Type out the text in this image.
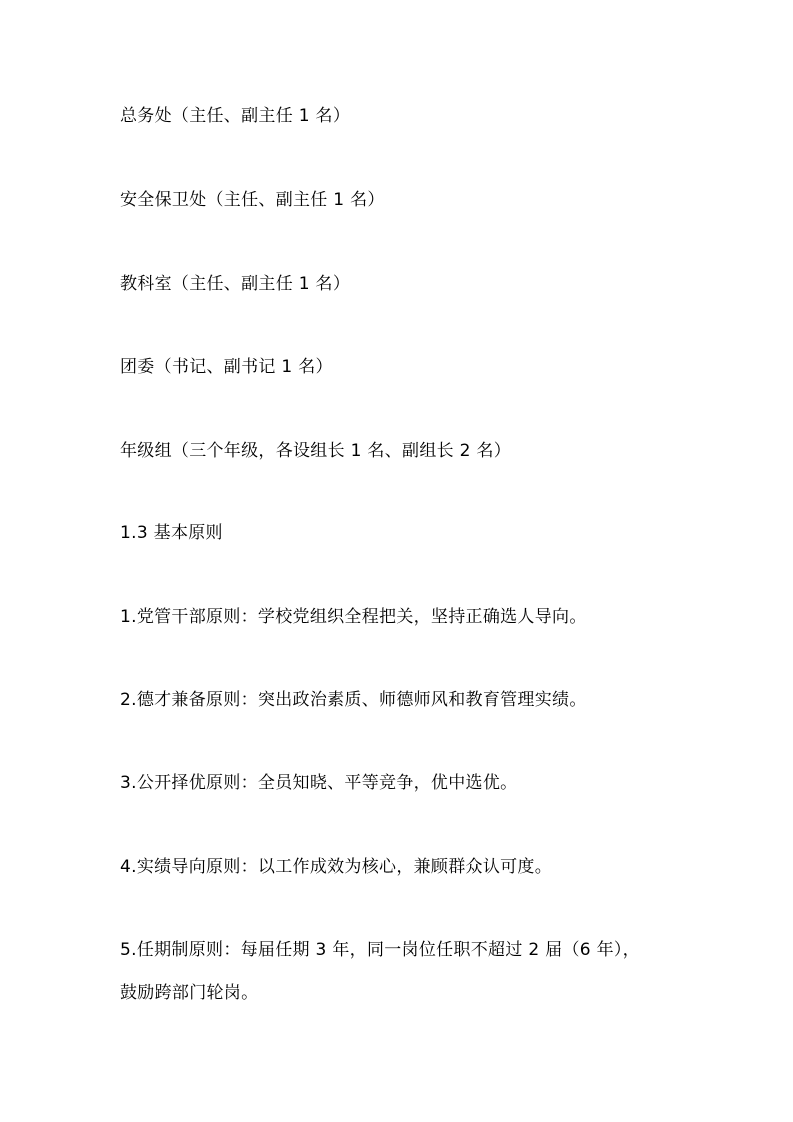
总务处（主任、副主任 1 名）
安全保卫处（主任、副主任 1 名）
教科室（主任、副主任 1 名）
团委（书记、副书记 1 名）
年级组（三个年级，各设组长 1 名、副组长 2 名）
1.3 基本原则
1.党管干部原则：学校党组织全程把关，坚持正确选人导向。
2.德才兼备原则：突出政治素质、师德师风和教育管理实绩。
3.公开择优原则：全员知晓、平等竞争，优中选优。
4.实绩导向原则：以工作成效为核心，兼顾群众认可度。
5.任期制原则：每届任期 3 年，同一岗位任职不超过 2 届（6 年），
鼓励跨部门轮岗。
